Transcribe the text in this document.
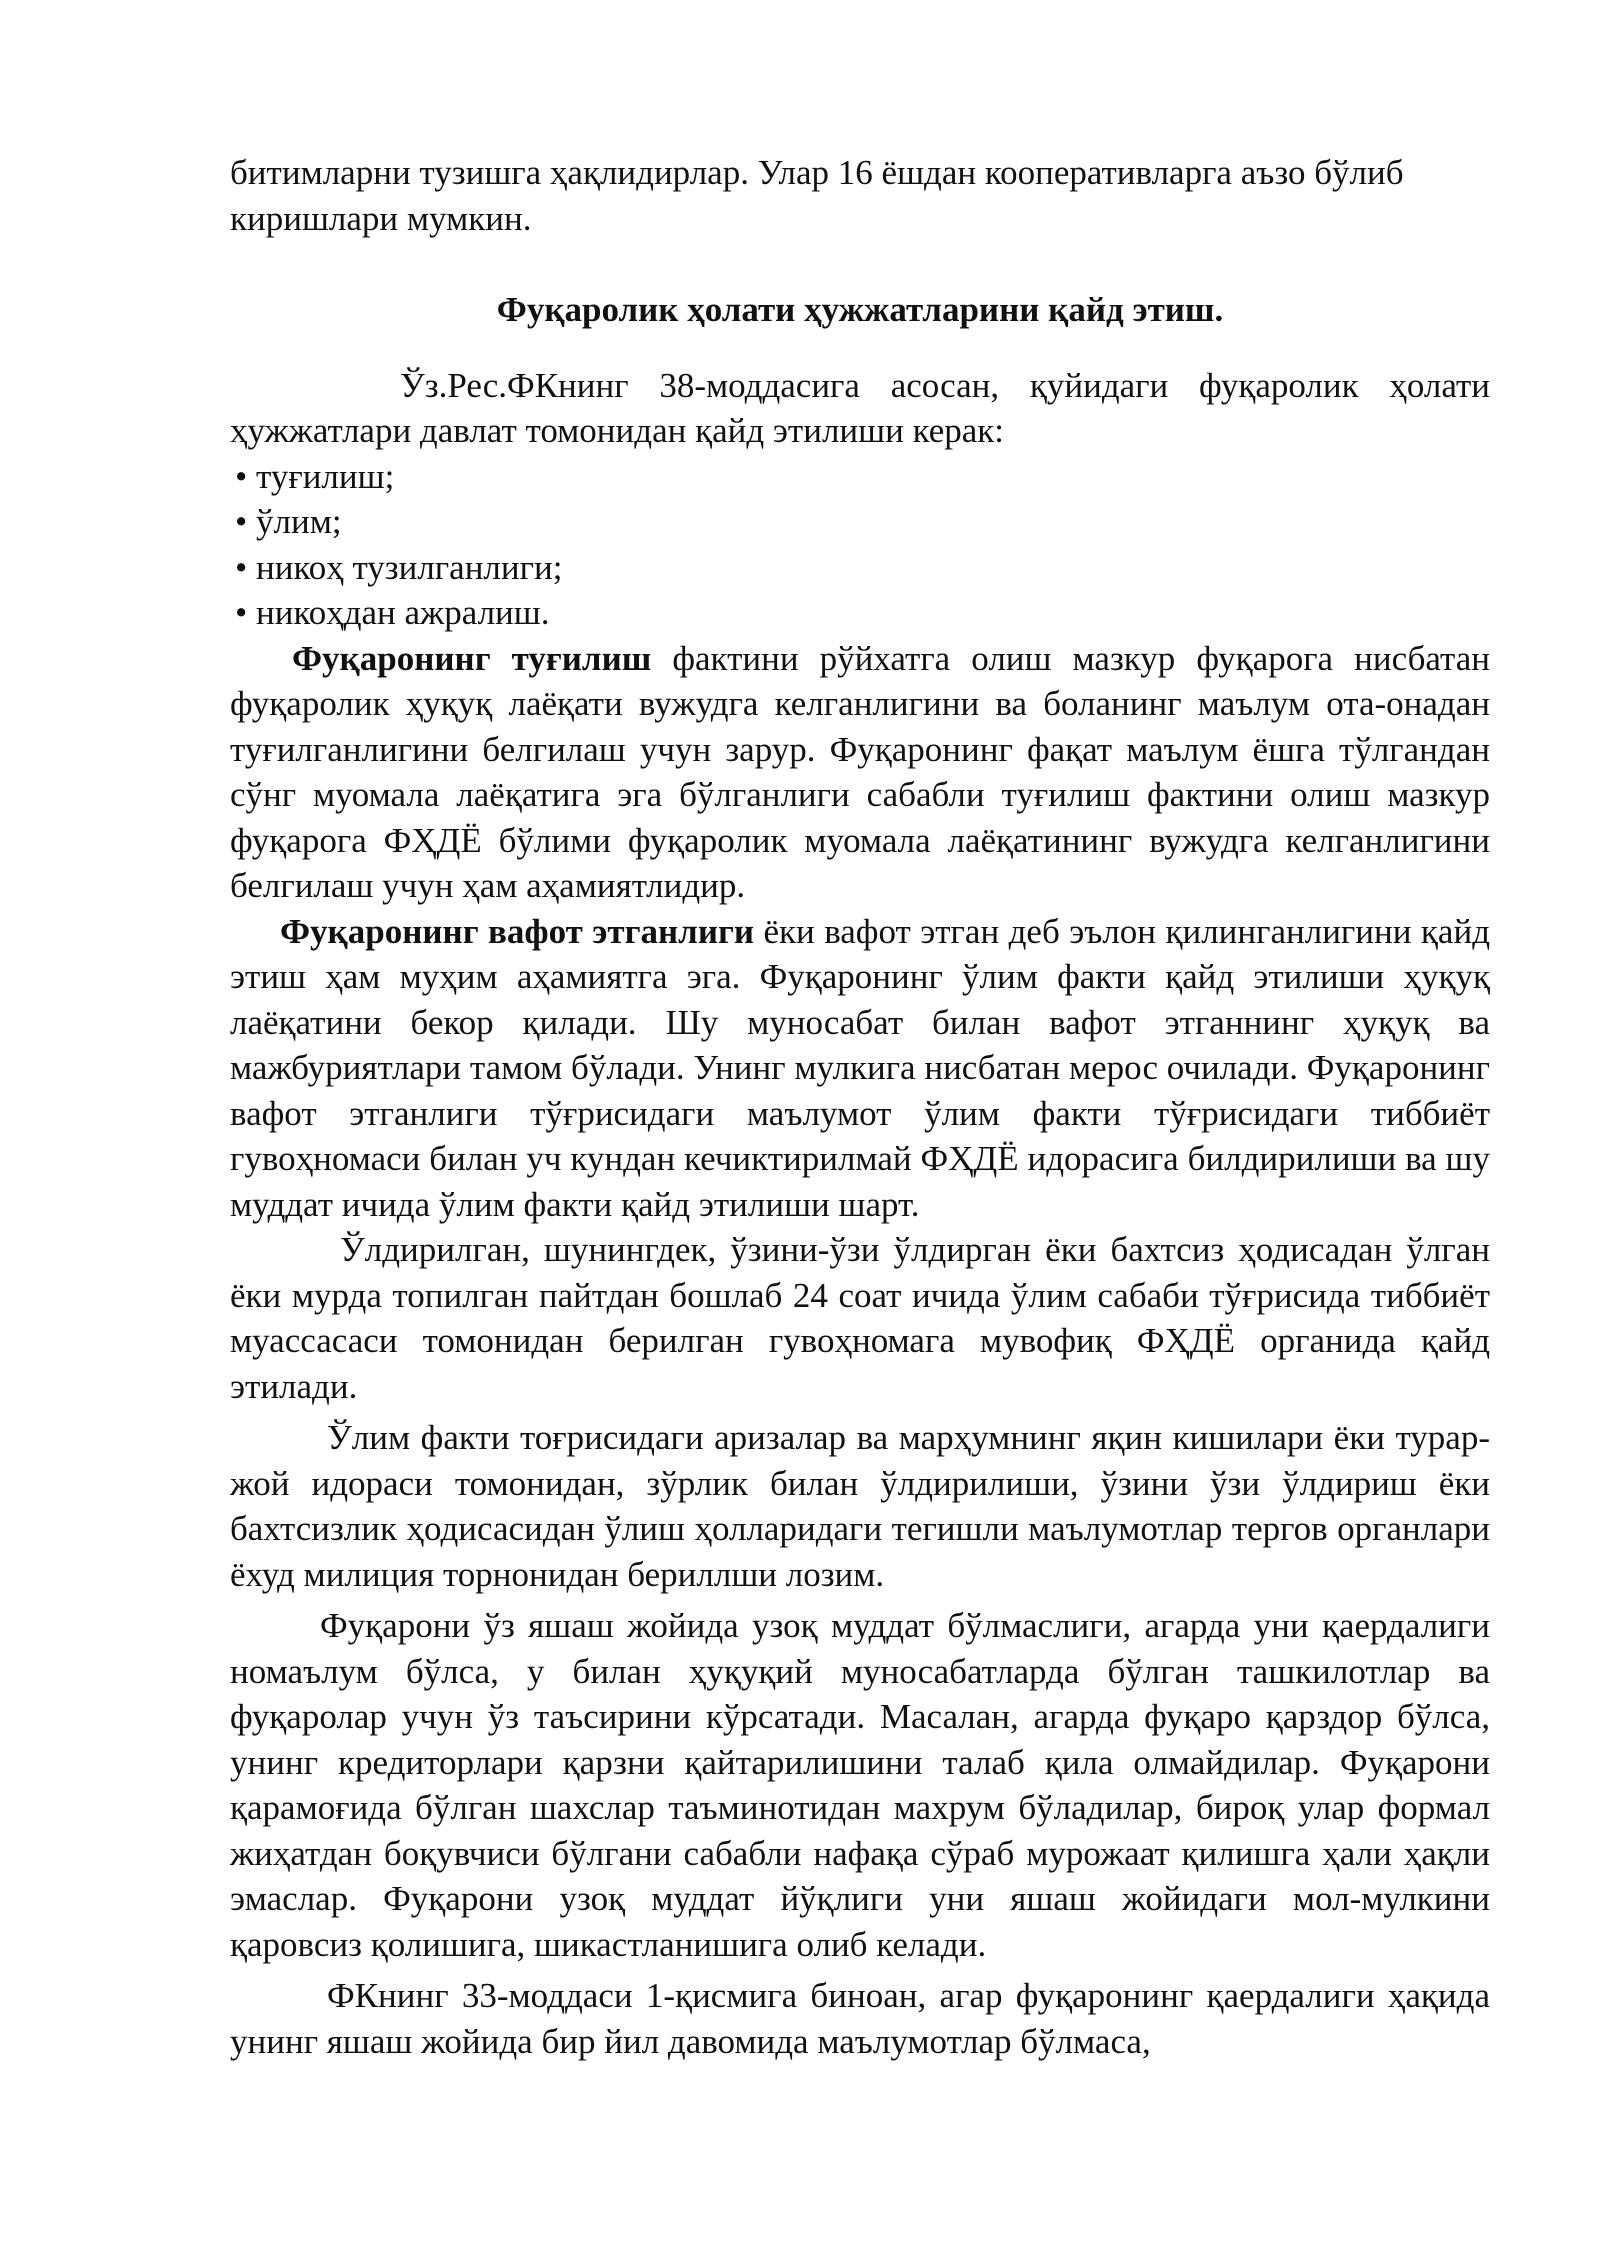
битимларни тузишга ҳақлидирлар. Улар 16 ёшдан кооперативларга аъзо бўлиб киришлари мумкин.

Фуқаролик ҳолати ҳужжатларини қайд этиш.

Ўз.Рес.ФКнинг 38-моддасига асосан, қуйидаги фуқаролик ҳолати ҳужжатлари давлат томонидан қайд этилиши керак:

• туғилиш;
• ўлим;
• никоҳ тузилганлиги;
• никоҳдан ажралиш.

Фуқаронинг туғилиш фактини рўйхатга олиш мазкур фуқарога нисбатан фуқаролик ҳуқуқ лаёқати вужудга келганлигини ва боланинг маълум ота-онадан туғилганлигини белгилаш учун зарур. Фуқаронинг фақат маълум ёшга тўлгандан сўнг муомала лаёқатига эга бўлганлиги сабабли туғилиш фактини олиш мазкур фуқарога ФҲДЁ бўлими фуқаролик муомала лаёқатининг вужудга келганлигини белгилаш учун ҳам аҳамиятлидир.

Фуқаронинг вафот этганлиги ёки вафот этган деб эълон қилинганлигини қайд этиш ҳам муҳим аҳамиятга эга. Фуқаронинг ўлим факти қайд этилиши ҳуқуқ лаёқатини бекор қилади. Шу муносабат билан вафот этганнинг ҳуқуқ ва мажбуриятлари тамом бўлади. Унинг мулкига нисбатан мерос очилади. Фуқаронинг вафот этганлиги тўғрисидаги маълумот ўлим факти тўғрисидаги тиббиёт гувоҳномаси билан уч кундан кечиктирилмай ФҲДЁ идорасига билдирилиши ва шу муддат ичида ўлим факти қайд этилиши шарт.

Ўлдирилган, шунингдек, ўзини-ўзи ўлдирган ёки бахтсиз ҳодисадан ўлган ёки мурда топилган пайтдан бошлаб 24 соат ичида ўлим сабаби тўғрисида тиббиёт муассасаси томонидан берилган гувоҳномага мувофиқ ФҲДЁ органида қайд этилади.

Ўлим факти тоғрисидаги аризалар ва марҳумнинг яқин кишилари ёки турар-жой идораси томонидан, зўрлик билан ўлдирилиши, ўзини ўзи ўлдириш ёки бахтсизлик ҳодисасидан ўлиш ҳолларидаги тегишли маълумотлар тергов органлари ёхуд милиция торнонидан бериллши лозим.

Фуқарони ўз яшаш жойида узоқ муддат бўлмаслиги, агарда уни қаердалиги номаълум бўлса, у билан ҳуқуқий муносабатларда бўлган ташкилотлар ва фуқаролар учун ўз таъсирини кўрсатади. Масалан, агарда фуқаро қарздор бўлса, унинг кредиторлари қарзни қайтарилишини талаб қила олмайдилар. Фуқарони қарамоғида бўлган шахслар таъминотидан махрум бўладилар, бироқ улар формал жиҳатдан боқувчиси бўлгани сабабли нафақа сўраб мурожаат қилишга ҳали ҳақли эмаслар. Фуқарони узоқ муддат йўқлиги уни яшаш жойидаги мол-мулкини қаровсиз қолишига, шикастланишига олиб келади.

ФКнинг 33-моддаси 1-қисмига биноан, агар фуқаронинг қаердалиги ҳақида унинг яшаш жойида бир йил давомида маълумотлар бўлмаса,
